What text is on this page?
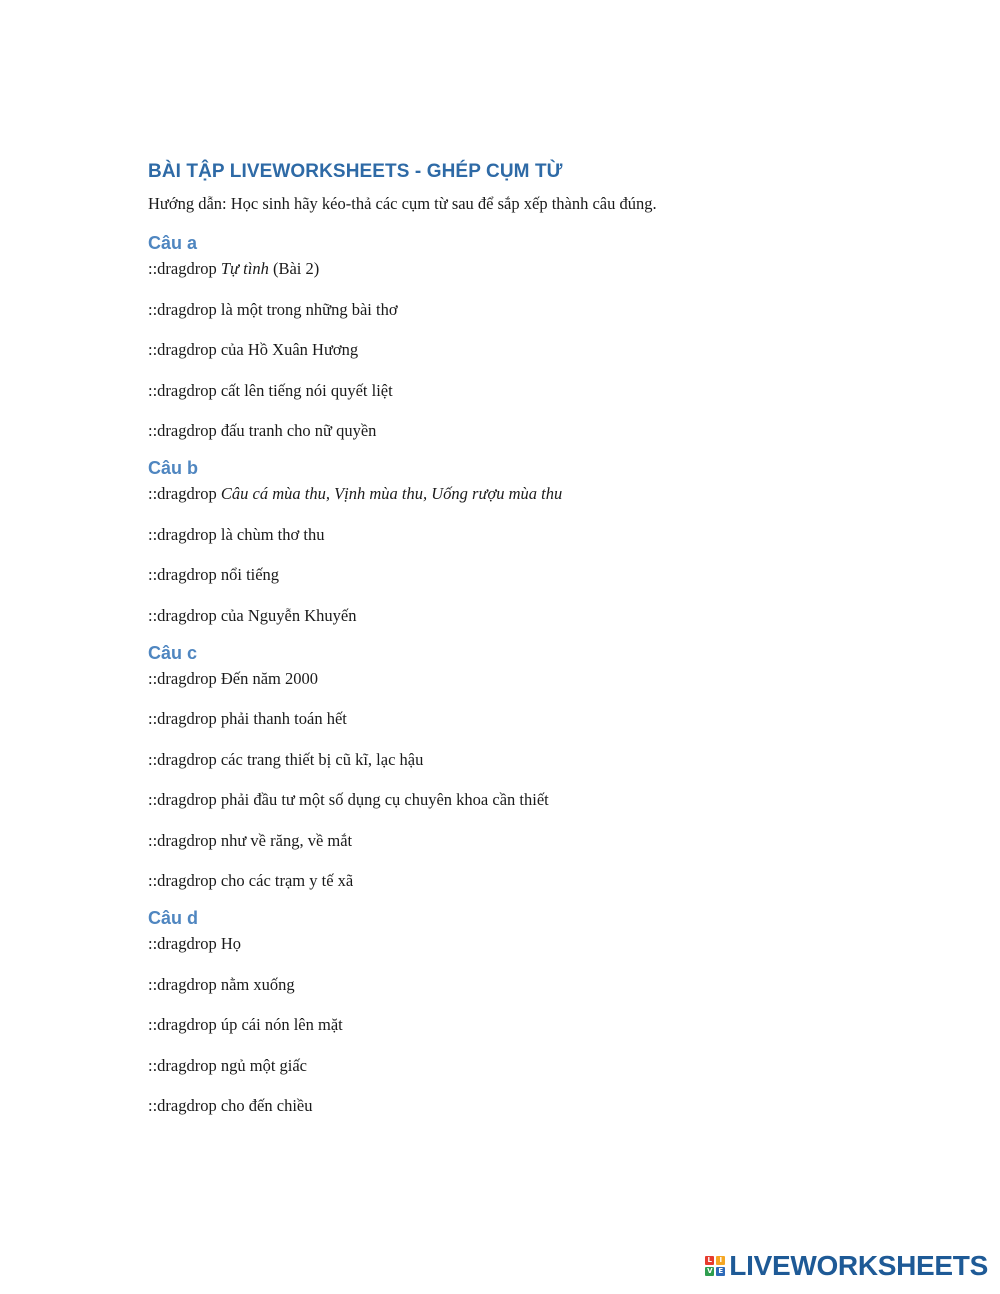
BÀI TẬP LIVEWORKSHEETS - GHÉP CỤM TỪ
Hướng dẫn: Học sinh hãy kéo-thả các cụm từ sau để sắp xếp thành câu đúng.
Câu a
::dragdrop Tự tình (Bài 2)
::dragdrop là một trong những bài thơ
::dragdrop của Hồ Xuân Hương
::dragdrop cất lên tiếng nói quyết liệt
::dragdrop đấu tranh cho nữ quyền
Câu b
::dragdrop Câu cá mùa thu, Vịnh mùa thu, Uống rượu mùa thu
::dragdrop là chùm thơ thu
::dragdrop nổi tiếng
::dragdrop của Nguyễn Khuyến
Câu c
::dragdrop Đến năm 2000
::dragdrop phải thanh toán hết
::dragdrop các trang thiết bị cũ kĩ, lạc hậu
::dragdrop phải đầu tư một số dụng cụ chuyên khoa cần thiết
::dragdrop như về răng, về mắt
::dragdrop cho các trạm y tế xã
Câu d
::dragdrop Họ
::dragdrop nằm xuống
::dragdrop úp cái nón lên mặt
::dragdrop ngủ một giấc
::dragdrop cho đến chiều
L	I
V E LIVEWORKSHEETS
